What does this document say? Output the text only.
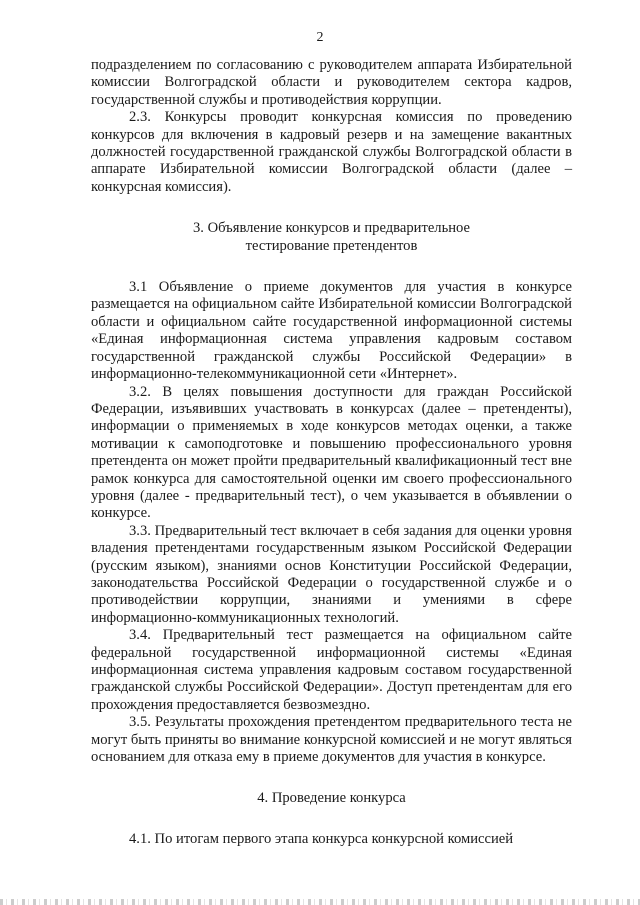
2

подразделением по согласованию с руководителем аппарата Избирательной комиссии Волгоградской области и руководителем сектора кадров, государственной службы и противодействия коррупции.

2.3. Конкурсы проводит конкурсная комиссия по проведению конкурсов для включения в кадровый резерв и на замещение вакантных должностей государственной гражданской службы Волгоградской области в аппарате Избирательной комиссии Волгоградской области (далее – конкурсная комиссия).

3. Объявление конкурсов и предварительное
тестирование претендентов

3.1 Объявление о приеме документов для участия в конкурсе размещается на официальном сайте Избирательной комиссии Волгоградской области и официальном сайте государственной информационной системы «Единая информационная система управления кадровым составом государственной гражданской службы Российской Федерации» в информационно-телекоммуникационной сети «Интернет».

3.2. В целях повышения доступности для граждан Российской Федерации, изъявивших участвовать в конкурсах (далее – претенденты), информации о применяемых в ходе конкурсов методах оценки, а также мотивации к самоподготовке и повышению профессионального уровня претендента он может пройти предварительный квалификационный тест вне рамок конкурса для самостоятельной оценки им своего профессионального уровня (далее - предварительный тест), о чем указывается в объявлении о конкурсе.

3.3. Предварительный тест включает в себя задания для оценки уровня владения претендентами государственным языком Российской Федерации (русским языком), знаниями основ Конституции Российской Федерации, законодательства Российской Федерации о государственной службе и о противодействии коррупции, знаниями и умениями в сфере информационно-коммуникационных технологий.

3.4. Предварительный тест размещается на официальном сайте федеральной государственной информационной системы «Единая информационная система управления кадровым составом государственной гражданской службы Российской Федерации». Доступ претендентам для его прохождения предоставляется безвозмездно.

3.5. Результаты прохождения претендентом предварительного теста не могут быть приняты во внимание конкурсной комиссией и не могут являться основанием для отказа ему в приеме документов для участия в конкурсе.

4. Проведение конкурса

4.1. По итогам первого этапа конкурса конкурсной комиссией
